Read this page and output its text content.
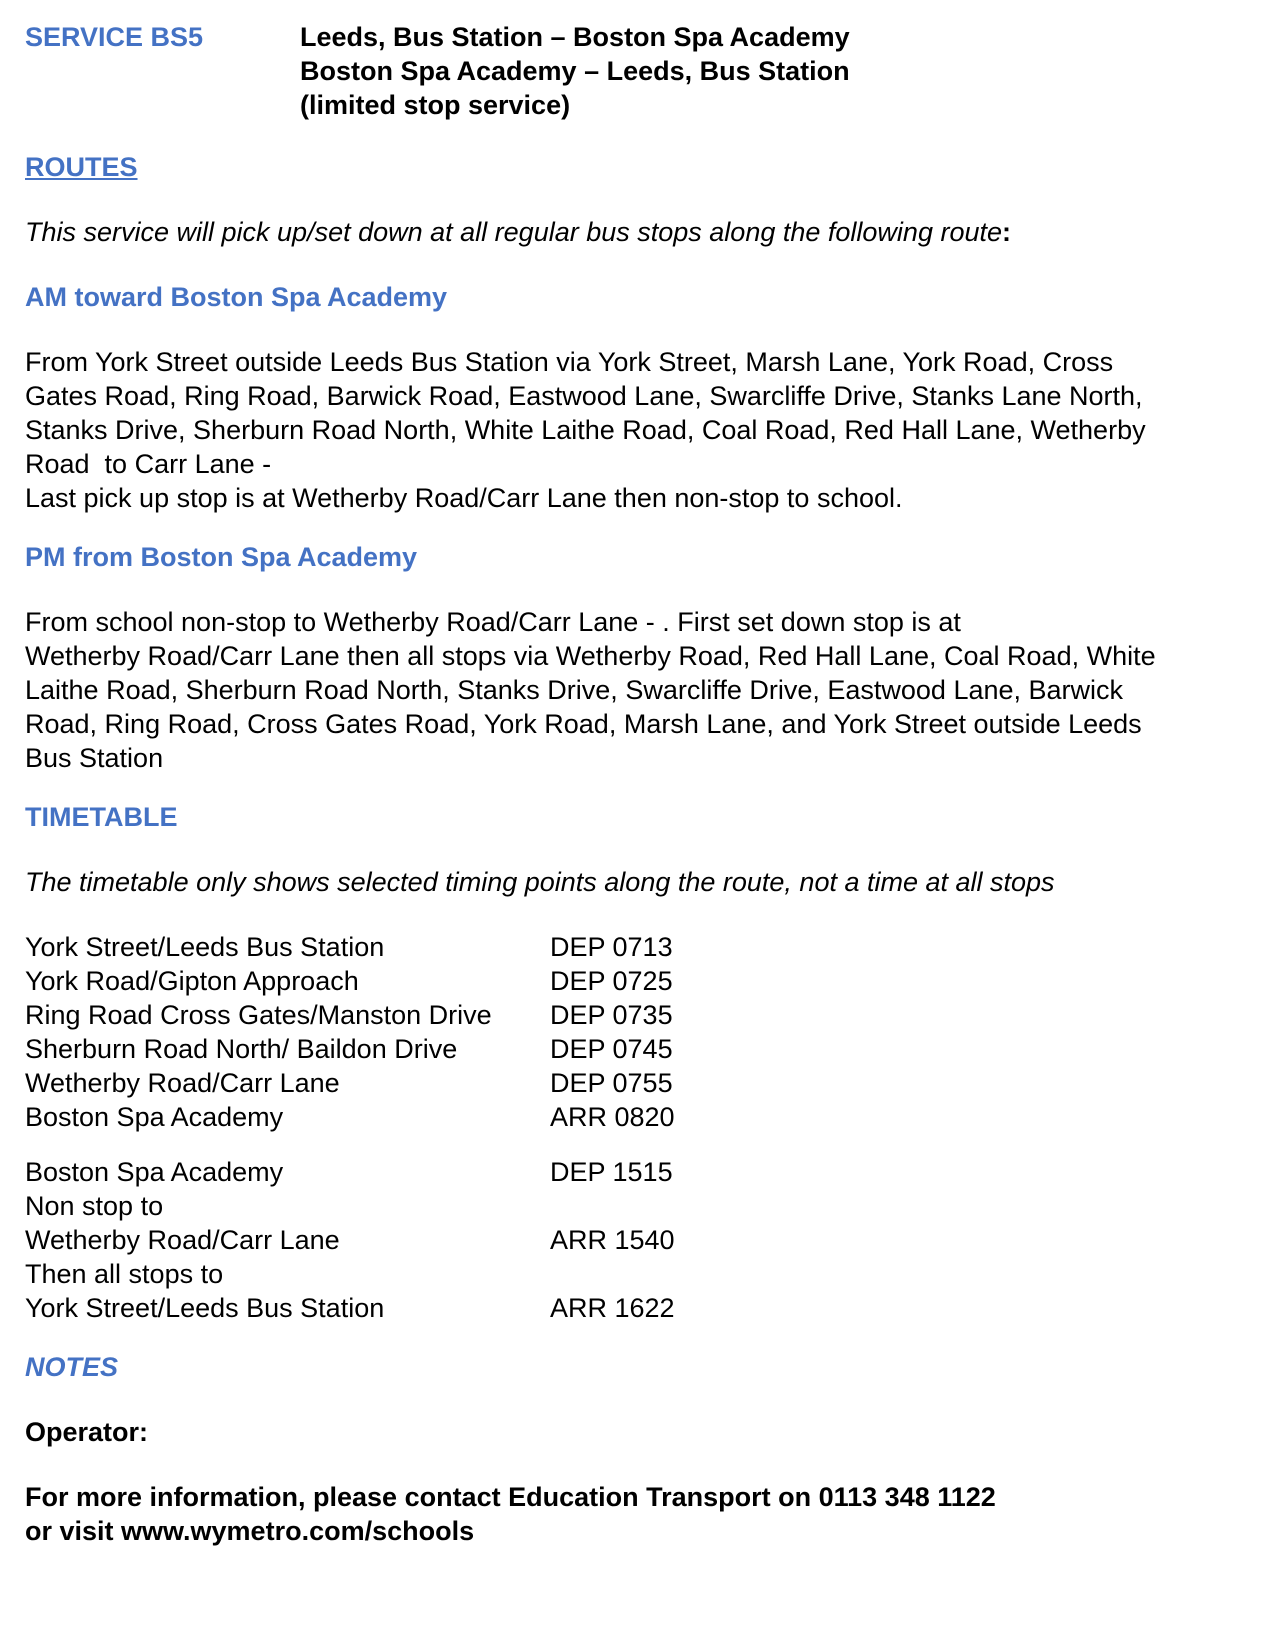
SERVICE BS5	Leeds, Bus Station – Boston Spa Academy
Boston Spa Academy – Leeds, Bus Station
(limited stop service)
ROUTES
This service will pick up/set down at all regular bus stops along the following route:
AM toward Boston Spa Academy
From York Street outside Leeds Bus Station via York Street, Marsh Lane, York Road, Cross
Gates Road, Ring Road, Barwick Road, Eastwood Lane, Swarcliffe Drive, Stanks Lane North,
Stanks Drive, Sherburn Road North, White Laithe Road, Coal Road, Red Hall Lane, Wetherby
Road  to Carr Lane -
Last pick up stop is at Wetherby Road/Carr Lane then non-stop to school.
PM from Boston Spa Academy
From school non-stop to Wetherby Road/Carr Lane - . First set down stop is at
Wetherby Road/Carr Lane then all stops via Wetherby Road, Red Hall Lane, Coal Road, White
Laithe Road, Sherburn Road North, Stanks Drive, Swarcliffe Drive, Eastwood Lane, Barwick
Road, Ring Road, Cross Gates Road, York Road, Marsh Lane, and York Street outside Leeds
Bus Station
TIMETABLE
The timetable only shows selected timing points along the route, not a time at all stops
York Street/Leeds Bus Station	DEP 0713
York Road/Gipton Approach	DEP 0725
Ring Road Cross Gates/Manston Drive	DEP 0735
Sherburn Road North/ Baildon Drive	DEP 0745
Wetherby Road/Carr Lane	DEP 0755
Boston Spa Academy	ARR 0820
Boston Spa Academy	DEP 1515
Non stop to
Wetherby Road/Carr Lane	ARR 1540
Then all stops to
York Street/Leeds Bus Station	ARR 1622
NOTES
Operator:
For more information, please contact Education Transport on 0113 348 1122
or visit www.wymetro.com/schools
